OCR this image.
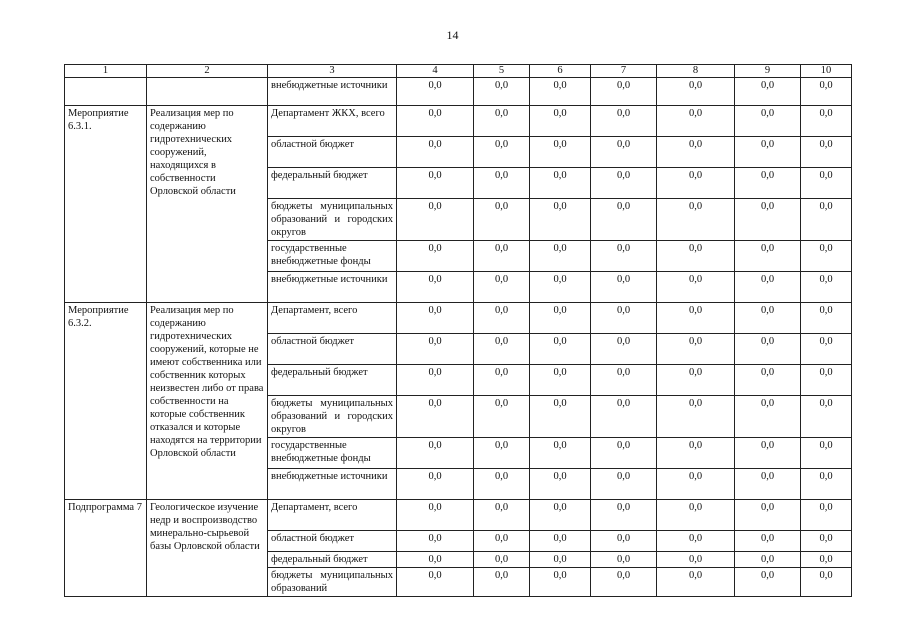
14
1	2	3	4	5	6	7	8	9	10
		внебюджетные источники	0,0	0,0	0,0	0,0	0,0	0,0	0,0
Мероприятие 6.3.1.	Реализация мер по содержанию гидротехнических сооружений, находящихся в собственности Орловской области	Департамент ЖКХ, всего	0,0	0,0	0,0	0,0	0,0	0,0	0,0
		областной бюджет	0,0	0,0	0,0	0,0	0,0	0,0	0,0
		федеральный бюджет	0,0	0,0	0,0	0,0	0,0	0,0	0,0
		бюджеты муниципальных образований и городских округов	0,0	0,0	0,0	0,0	0,0	0,0	0,0
		государственные внебюджетные фонды	0,0	0,0	0,0	0,0	0,0	0,0	0,0
		внебюджетные источники	0,0	0,0	0,0	0,0	0,0	0,0	0,0
Мероприятие 6.3.2.	Реализация мер по содержанию гидротехнических сооружений, которые не имеют собственника или собственник которых неизвестен либо от права собственности на которые собственник отказался и которые находятся на территории Орловской области	Департамент, всего	0,0	0,0	0,0	0,0	0,0	0,0	0,0
		областной бюджет	0,0	0,0	0,0	0,0	0,0	0,0	0,0
		федеральный бюджет	0,0	0,0	0,0	0,0	0,0	0,0	0,0
		бюджеты муниципальных образований и городских округов	0,0	0,0	0,0	0,0	0,0	0,0	0,0
		государственные внебюджетные фонды	0,0	0,0	0,0	0,0	0,0	0,0	0,0
		внебюджетные источники	0,0	0,0	0,0	0,0	0,0	0,0	0,0
Подпрограмма 7	Геологическое изучение недр и воспроизводство минерально-сырьевой базы Орловской области	Департамент, всего	0,0	0,0	0,0	0,0	0,0	0,0	0,0
		областной бюджет	0,0	0,0	0,0	0,0	0,0	0,0	0,0
		федеральный бюджет	0,0	0,0	0,0	0,0	0,0	0,0	0,0
		бюджеты муниципальных образований	0,0	0,0	0,0	0,0	0,0	0,0	0,0
